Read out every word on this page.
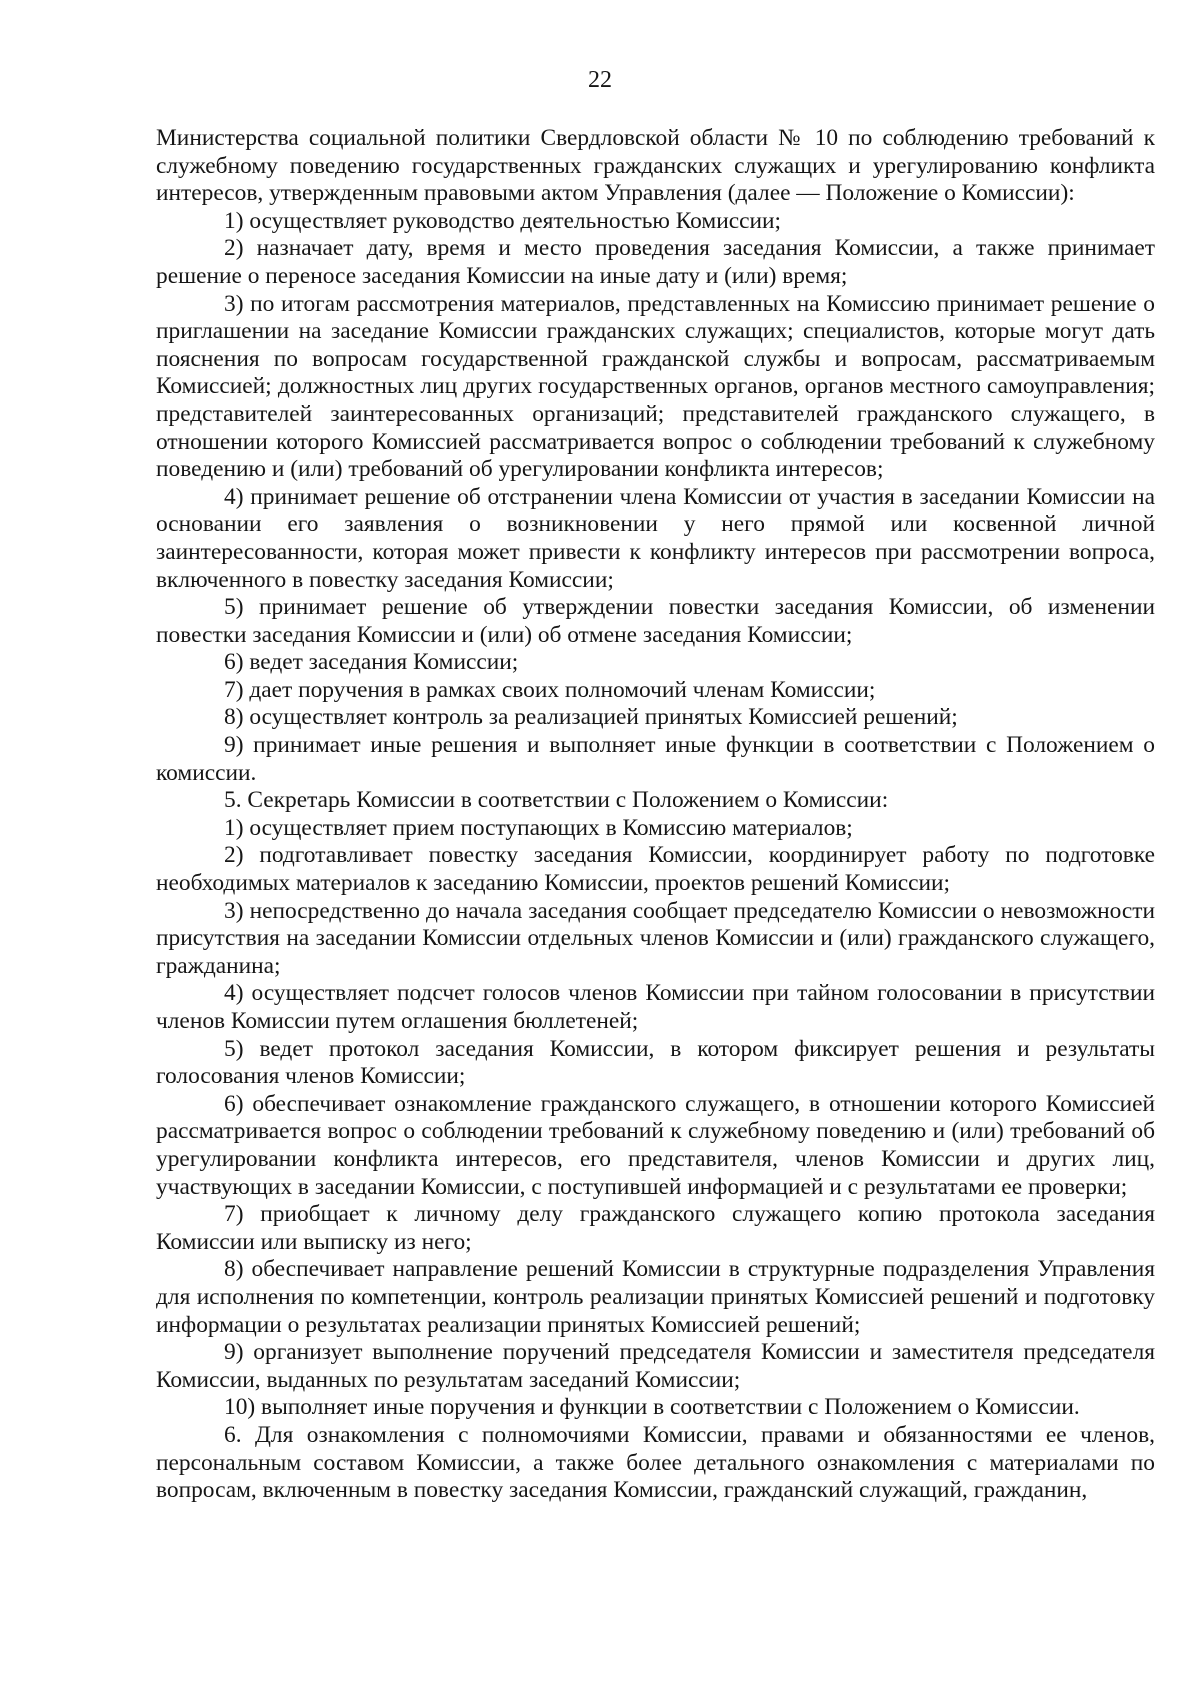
22

Министерства социальной политики Свердловской области № 10 по соблюдению требований к служебному поведению государственных гражданских служащих и урегулированию конфликта интересов, утвержденным правовыми актом Управления (далее — Положение о Комиссии):

1) осуществляет руководство деятельностью Комиссии;

2) назначает дату, время и место проведения заседания Комиссии, а также принимает решение о переносе заседания Комиссии на иные дату и (или) время;

3) по итогам рассмотрения материалов, представленных на Комиссию принимает решение о приглашении на заседание Комиссии гражданских служащих; специалистов, которые могут дать пояснения по вопросам государственной гражданской службы и вопросам, рассматриваемым Комиссией; должностных лиц других государственных органов, органов местного самоуправления; представителей заинтересованных организаций; представителей гражданского служащего, в отношении которого Комиссией рассматривается вопрос о соблюдении требований к служебному поведению и (или) требований об урегулировании конфликта интересов;

4) принимает решение об отстранении члена Комиссии от участия в заседании Комиссии на основании его заявления о возникновении у него прямой или косвенной личной заинтересованности, которая может привести к конфликту интересов при рассмотрении вопроса, включенного в повестку заседания Комиссии;

5) принимает решение об утверждении повестки заседания Комиссии, об изменении повестки заседания Комиссии и (или) об отмене заседания Комиссии;

6) ведет заседания Комиссии;

7) дает поручения в рамках своих полномочий членам Комиссии;

8) осуществляет контроль за реализацией принятых Комиссией решений;

9) принимает иные решения и выполняет иные функции в соответствии с Положением о комиссии.

5. Секретарь Комиссии в соответствии с Положением о Комиссии:

1) осуществляет прием поступающих в Комиссию материалов;

2) подготавливает повестку заседания Комиссии, координирует работу по подготовке необходимых материалов к заседанию Комиссии, проектов решений Комиссии;

3) непосредственно до начала заседания сообщает председателю Комиссии о невозможности присутствия на заседании Комиссии отдельных членов Комиссии и (или) гражданского служащего, гражданина;

4) осуществляет подсчет голосов членов Комиссии при тайном голосовании в присутствии членов Комиссии путем оглашения бюллетеней;

5) ведет протокол заседания Комиссии, в котором фиксирует решения и результаты голосования членов Комиссии;

6) обеспечивает ознакомление гражданского служащего, в отношении которого Комиссией рассматривается вопрос о соблюдении требований к служебному поведению и (или) требований об урегулировании конфликта интересов, его представителя, членов Комиссии и других лиц, участвующих в заседании Комиссии, с поступившей информацией и с результатами ее проверки;

7) приобщает к личному делу гражданского служащего копию протокола заседания Комиссии или выписку из него;

8) обеспечивает направление решений Комиссии в структурные подразделения Управления для исполнения по компетенции, контроль реализации принятых Комиссией решений и подготовку информации о результатах реализации принятых Комиссией решений;

9) организует выполнение поручений председателя Комиссии и заместителя председателя Комиссии, выданных по результатам заседаний Комиссии;

10) выполняет иные поручения и функции в соответствии с Положением о Комиссии.

6. Для ознакомления с полномочиями Комиссии, правами и обязанностями ее членов, персональным составом Комиссии, а также более детального ознакомления с материалами по вопросам, включенным в повестку заседания Комиссии, гражданский служащий, гражданин,
